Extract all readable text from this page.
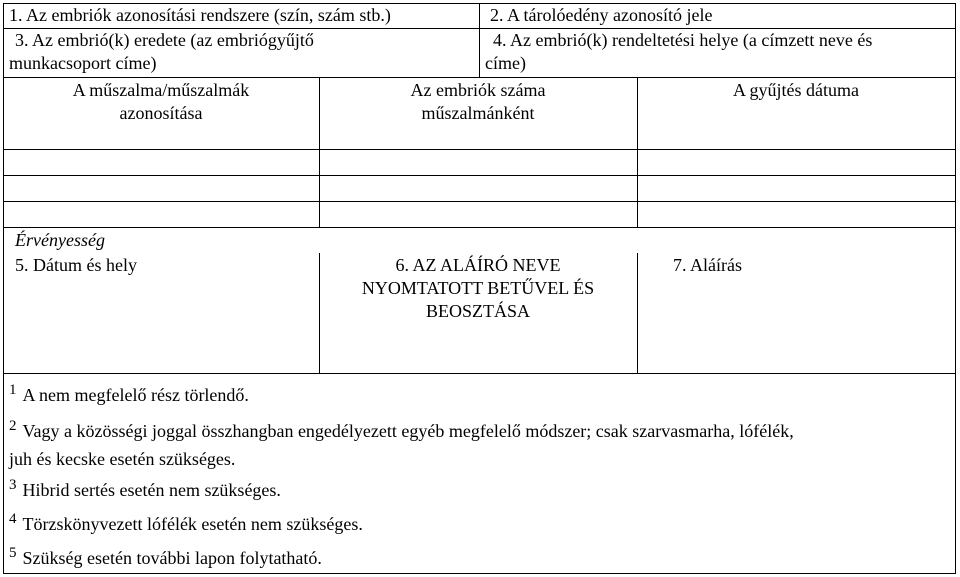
1. Az embriók azonosítási rendszere (szín, szám stb.)	2. A tárolóedény azonosító jele
3. Az embrió(k) eredete (az embriógyűjtő
munkacsoport címe)
4. Az embrió(k) rendeltetési helye (a címzett neve és
címe)
A műszalma/műszalmák
azonosítása
Az embriók száma
műszalmánként
A gyűjtés dátuma
Érvényesség
5. Dátum és hely	6. AZ ALÁÍRÓ NEVE
NYOMTATOTT BETŰVEL ÉS
BEOSZTÁSA
7. Aláírás
$^1$ A nem megfelelő rész törlendő.
$^2$ Vagy a közösségi joggal összhangban engedélyezett egyéb megfelelő módszer; csak szarvasmarha, lófélék,
juh és kecske esetén szükséges.
$^3$ Hibrid sertés esetén nem szükséges.
$^4$ Törzskönyvezett lófélék esetén nem szükséges.
$^5$ Szükség esetén további lapon folytatható.
